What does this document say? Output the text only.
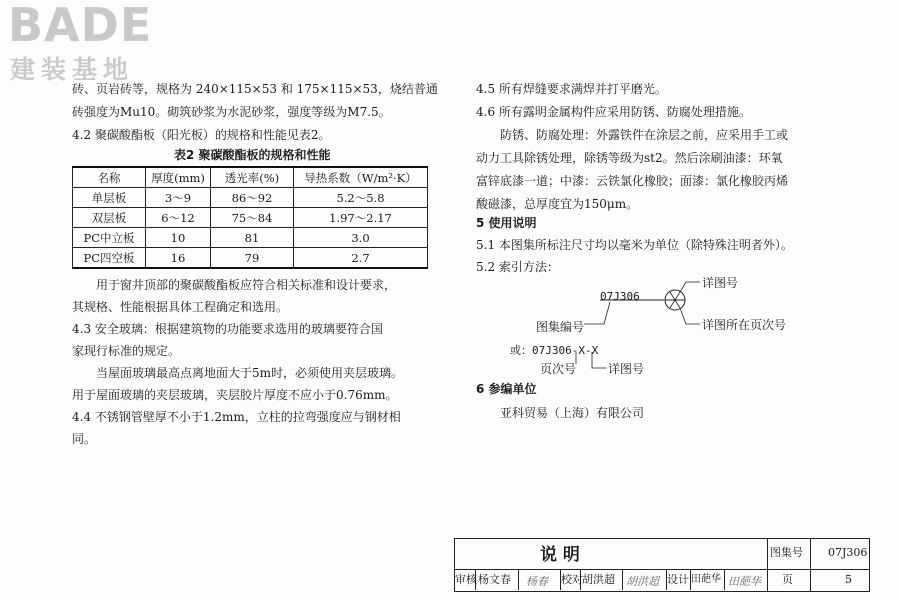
BADE
建装基地
砖、页岩砖等，规格为 240×115×53 和 175×115×53，烧结普通
砖强度为Mu10。砌筑砂浆为水泥砂浆，强度等级为M7.5。
4.2 聚碳酸酯板（阳光板）的规格和性能见表2。
表2 聚碳酸酯板的规格和性能
名称	厚度(mm)	透光率(%)	导热系数（W/m²·K）
单层板	3～9	86～92	5.2～5.8
双层板	6～12	75～84	1.97～2.17
PC中立板	10	81	3.0
PC四空板	16	79	2.7
用于窗井顶部的聚碳酸酯板应符合相关标准和设计要求，
其规格、性能根据具体工程确定和选用。
4.3 安全玻璃：根据建筑物的功能要求选用的玻璃要符合国
家现行标准的规定。
当屋面玻璃最高点离地面大于5m时，必须使用夹层玻璃。
用于屋面玻璃的夹层玻璃，夹层胶片厚度不应小于0.76mm。
4.4 不锈钢管壁厚不小于1.2mm，立柱的拉弯强度应与钢材相
同。
4.5 所有焊缝要求满焊并打平磨光。
4.6 所有露明金属构件应采用防锈、防腐处理措施。
防锈、防腐处理：外露铁件在涂层之前，应采用手工或
动力工具除锈处理，除锈等级为st2。然后涂刷油漆：环氧
富锌底漆一道；中漆：云铁氯化橡胶；面漆：氯化橡胶丙烯
酸磁漆，总厚度宜为150μm。
5 使用说明
5.1 本图集所标注尺寸均以毫米为单位（除特殊注明者外）。
5.2 索引方法：
07J306
详图号
详图所在页次号
图集编号
或：07J306-X-X
页次号	详图号
6 参编单位
亚科贸易（上海）有限公司
说 明	图集号 07J306
审核 杨文春 杨春 校对 胡洪超 胡洪超 设计 田葩华 田葩华 页	5
